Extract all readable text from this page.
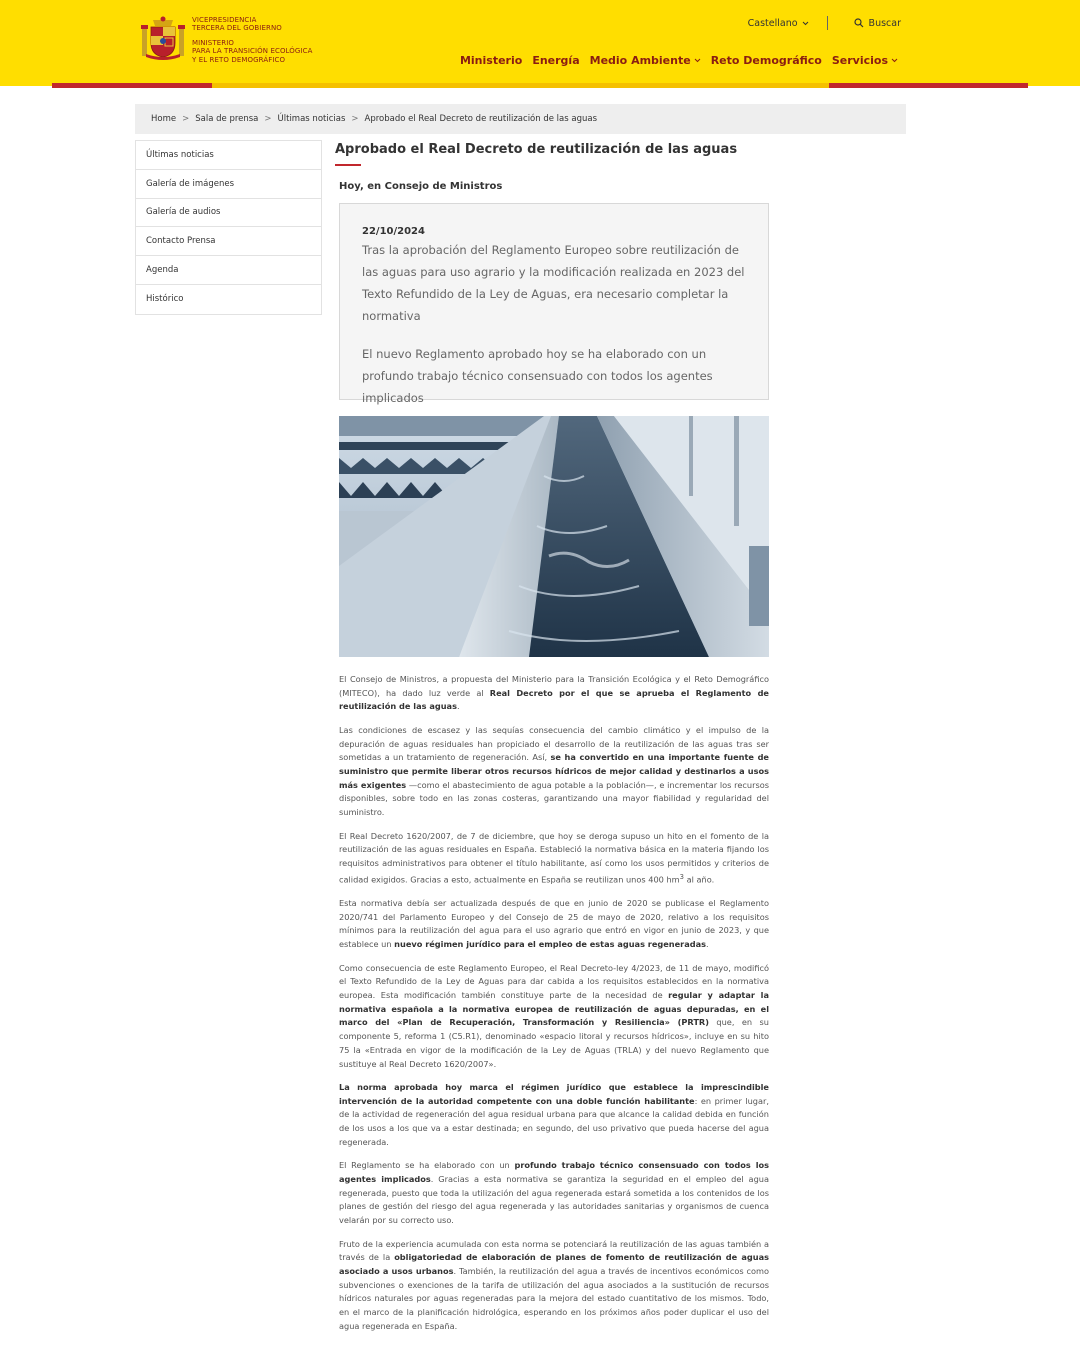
VICEPRESIDENCIA
TERCERA DEL GOBIERNO
MINISTERIO
PARA LA TRANSICIÓN ECOLÓGICA
Y EL RETO DEMOGRÁFICO
Castellano	Buscar
Ministerio Energía Medio Ambiente Reto Demográfico Servicios
Home > Sala de prensa > Últimas noticias > Aprobado el Real Decreto de reutilización de las aguas
Últimas noticias
Galería de imágenes
Galería de audios
Contacto Prensa
Agenda
Histórico
Aprobado el Real Decreto de reutilización de las aguas
Hoy, en Consejo de Ministros
22/10/2024

Tras la aprobación del Reglamento Europeo sobre reutilización de las aguas para uso agrario y la modificación realizada en 2023 del Texto Refundido de la Ley de Aguas, era necesario completar la normativa

El nuevo Reglamento aprobado hoy se ha elaborado con un profundo trabajo técnico consensuado con todos los agentes implicados

El Consejo de Ministros, a propuesta del Ministerio para la Transición Ecológica y el Reto Demográfico (MITECO), ha dado luz verde al Real Decreto por el que se aprueba el Reglamento de reutilización de las aguas.

Las condiciones de escasez y las sequías consecuencia del cambio climático y el impulso de la depuración de aguas residuales han propiciado el desarrollo de la reutilización de las aguas tras ser sometidas a un tratamiento de regeneración. Así, se ha convertido en una importante fuente de suministro que permite liberar otros recursos hídricos de mejor calidad y destinarlos a usos más exigentes —como el abastecimiento de agua potable a la población—, e incrementar los recursos disponibles, sobre todo en las zonas costeras, garantizando una mayor fiabilidad y regularidad del suministro.

El Real Decreto 1620/2007, de 7 de diciembre, que hoy se deroga supuso un hito en el fomento de la reutilización de las aguas residuales en España. Estableció la normativa básica en la materia fijando los requisitos administrativos para obtener el título habilitante, así como los usos permitidos y criterios de calidad exigidos. Gracias a esto, actualmente en España se reutilizan unos 400 $hm^3$ al año.

Esta normativa debía ser actualizada después de que en junio de 2020 se publicase el Reglamento 2020/741 del Parlamento Europeo y del Consejo de 25 de mayo de 2020, relativo a los requisitos mínimos para la reutilización del agua para el uso agrario que entró en vigor en junio de 2023, y que establece un nuevo régimen jurídico para el empleo de estas aguas regeneradas.

Como consecuencia de este Reglamento Europeo, el Real Decreto-ley 4/2023, de 11 de mayo, modificó el Texto Refundido de la Ley de Aguas para dar cabida a los requisitos establecidos en la normativa europea. Esta modificación también constituye parte de la necesidad de regular y adaptar la normativa española a la normativa europea de reutilización de aguas depuradas, en el marco del «Plan de Recuperación, Transformación y Resiliencia» (PRTR) que, en su componente 5, reforma 1 (C5.R1), denominado «espacio litoral y recursos hídricos», incluye en su hito 75 la «Entrada en vigor de la modificación de la Ley de Aguas (TRLA) y del nuevo Reglamento que sustituye al Real Decreto 1620/2007».

La norma aprobada hoy marca el régimen jurídico que establece la imprescindible intervención de la autoridad competente con una doble función habilitante: en primer lugar, de la actividad de regeneración del agua residual urbana para que alcance la calidad debida en función de los usos a los que va a estar destinada; en segundo, del uso privativo que pueda hacerse del agua regenerada.

El Reglamento se ha elaborado con un profundo trabajo técnico consensuado con todos los agentes implicados. Gracias a esta normativa se garantiza la seguridad en el empleo del agua regenerada, puesto que toda la utilización del agua regenerada estará sometida a los contenidos de los planes de gestión del riesgo del agua regenerada y las autoridades sanitarias y organismos de cuenca velarán por su correcto uso.

Fruto de la experiencia acumulada con esta norma se potenciará la reutilización de las aguas también a través de la obligatoriedad de elaboración de planes de fomento de reutilización de aguas asociado a usos urbanos. También, la reutilización del agua a través de incentivos económicos como subvenciones o exenciones de la tarifa de utilización del agua asociados a la sustitución de recursos hídricos naturales por aguas regeneradas para la mejora del estado cuantitativo de los mismos. Todo, en el marco de la planificación hidrológica, esperando en los próximos años poder duplicar el uso del agua regenerada en España.
